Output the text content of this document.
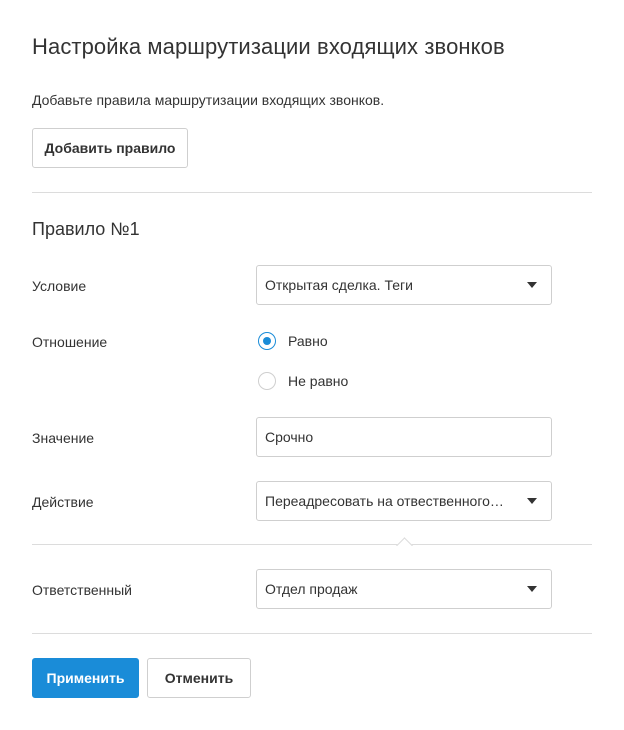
Настройка маршрутизации входящих звонков

Добавьте правила маршрутизации входящих звонков.

Добавить правило
Правило №1
Условие	Открытая сделка. Теги
Отношение	Равно
Не равно
Значение	Срочно
Действие	Переадресовать на отвественного…
Ответственный	Отдел продаж
Применить	Отменить
